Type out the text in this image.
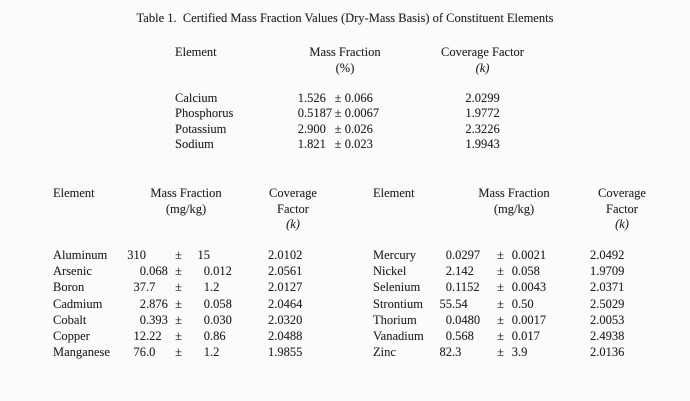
Table 1.  Certified Mass Fraction Values (Dry-Mass Basis) of Constituent Elements
Element	Mass Fraction
(%)
Coverage Factor
(k)
Calcium	1 .526 ± 0 .066	2.0299
Phosphorus	0 .5187 ± 0 .0067	1.9772
Potassium	2 .900 ± 0 .026	2.3226
Sodium	1 .821 ± 0 .023	1.9943
Element	Mass Fraction
(mg/kg)
Coverage
Factor
(k)
Aluminum	310 ±	15	2.0102
Arsenic	0 .068 ±	0 .012	2.0561
Boron	37 .7	±	1 .2	2.0127
Cadmium	2 .876 ±	0 .058	2.0464
Cobalt	0 .393 ±	0 .030	2.0320
Copper	12 .22	±	0 .86	2.0488
Manganese	76 .0	±	1 .2	1.9855
Element	Mass Fraction
(mg/kg)
Coverage
Factor
(k)
Mercury	0 .0297	± 0 .0021	2.0492
Nickel	2 .142	± 0 .058	1.9709
Selenium	0 .1152	± 0 .0043	2.0371
Strontium	55 .54	± 0 .50	2.5029
Thorium	0 .0480	± 0 .0017	2.0053
Vanadium	0 .568	± 0 .017	2.4938
Zinc	82 .3	± 3 .9	2.0136
